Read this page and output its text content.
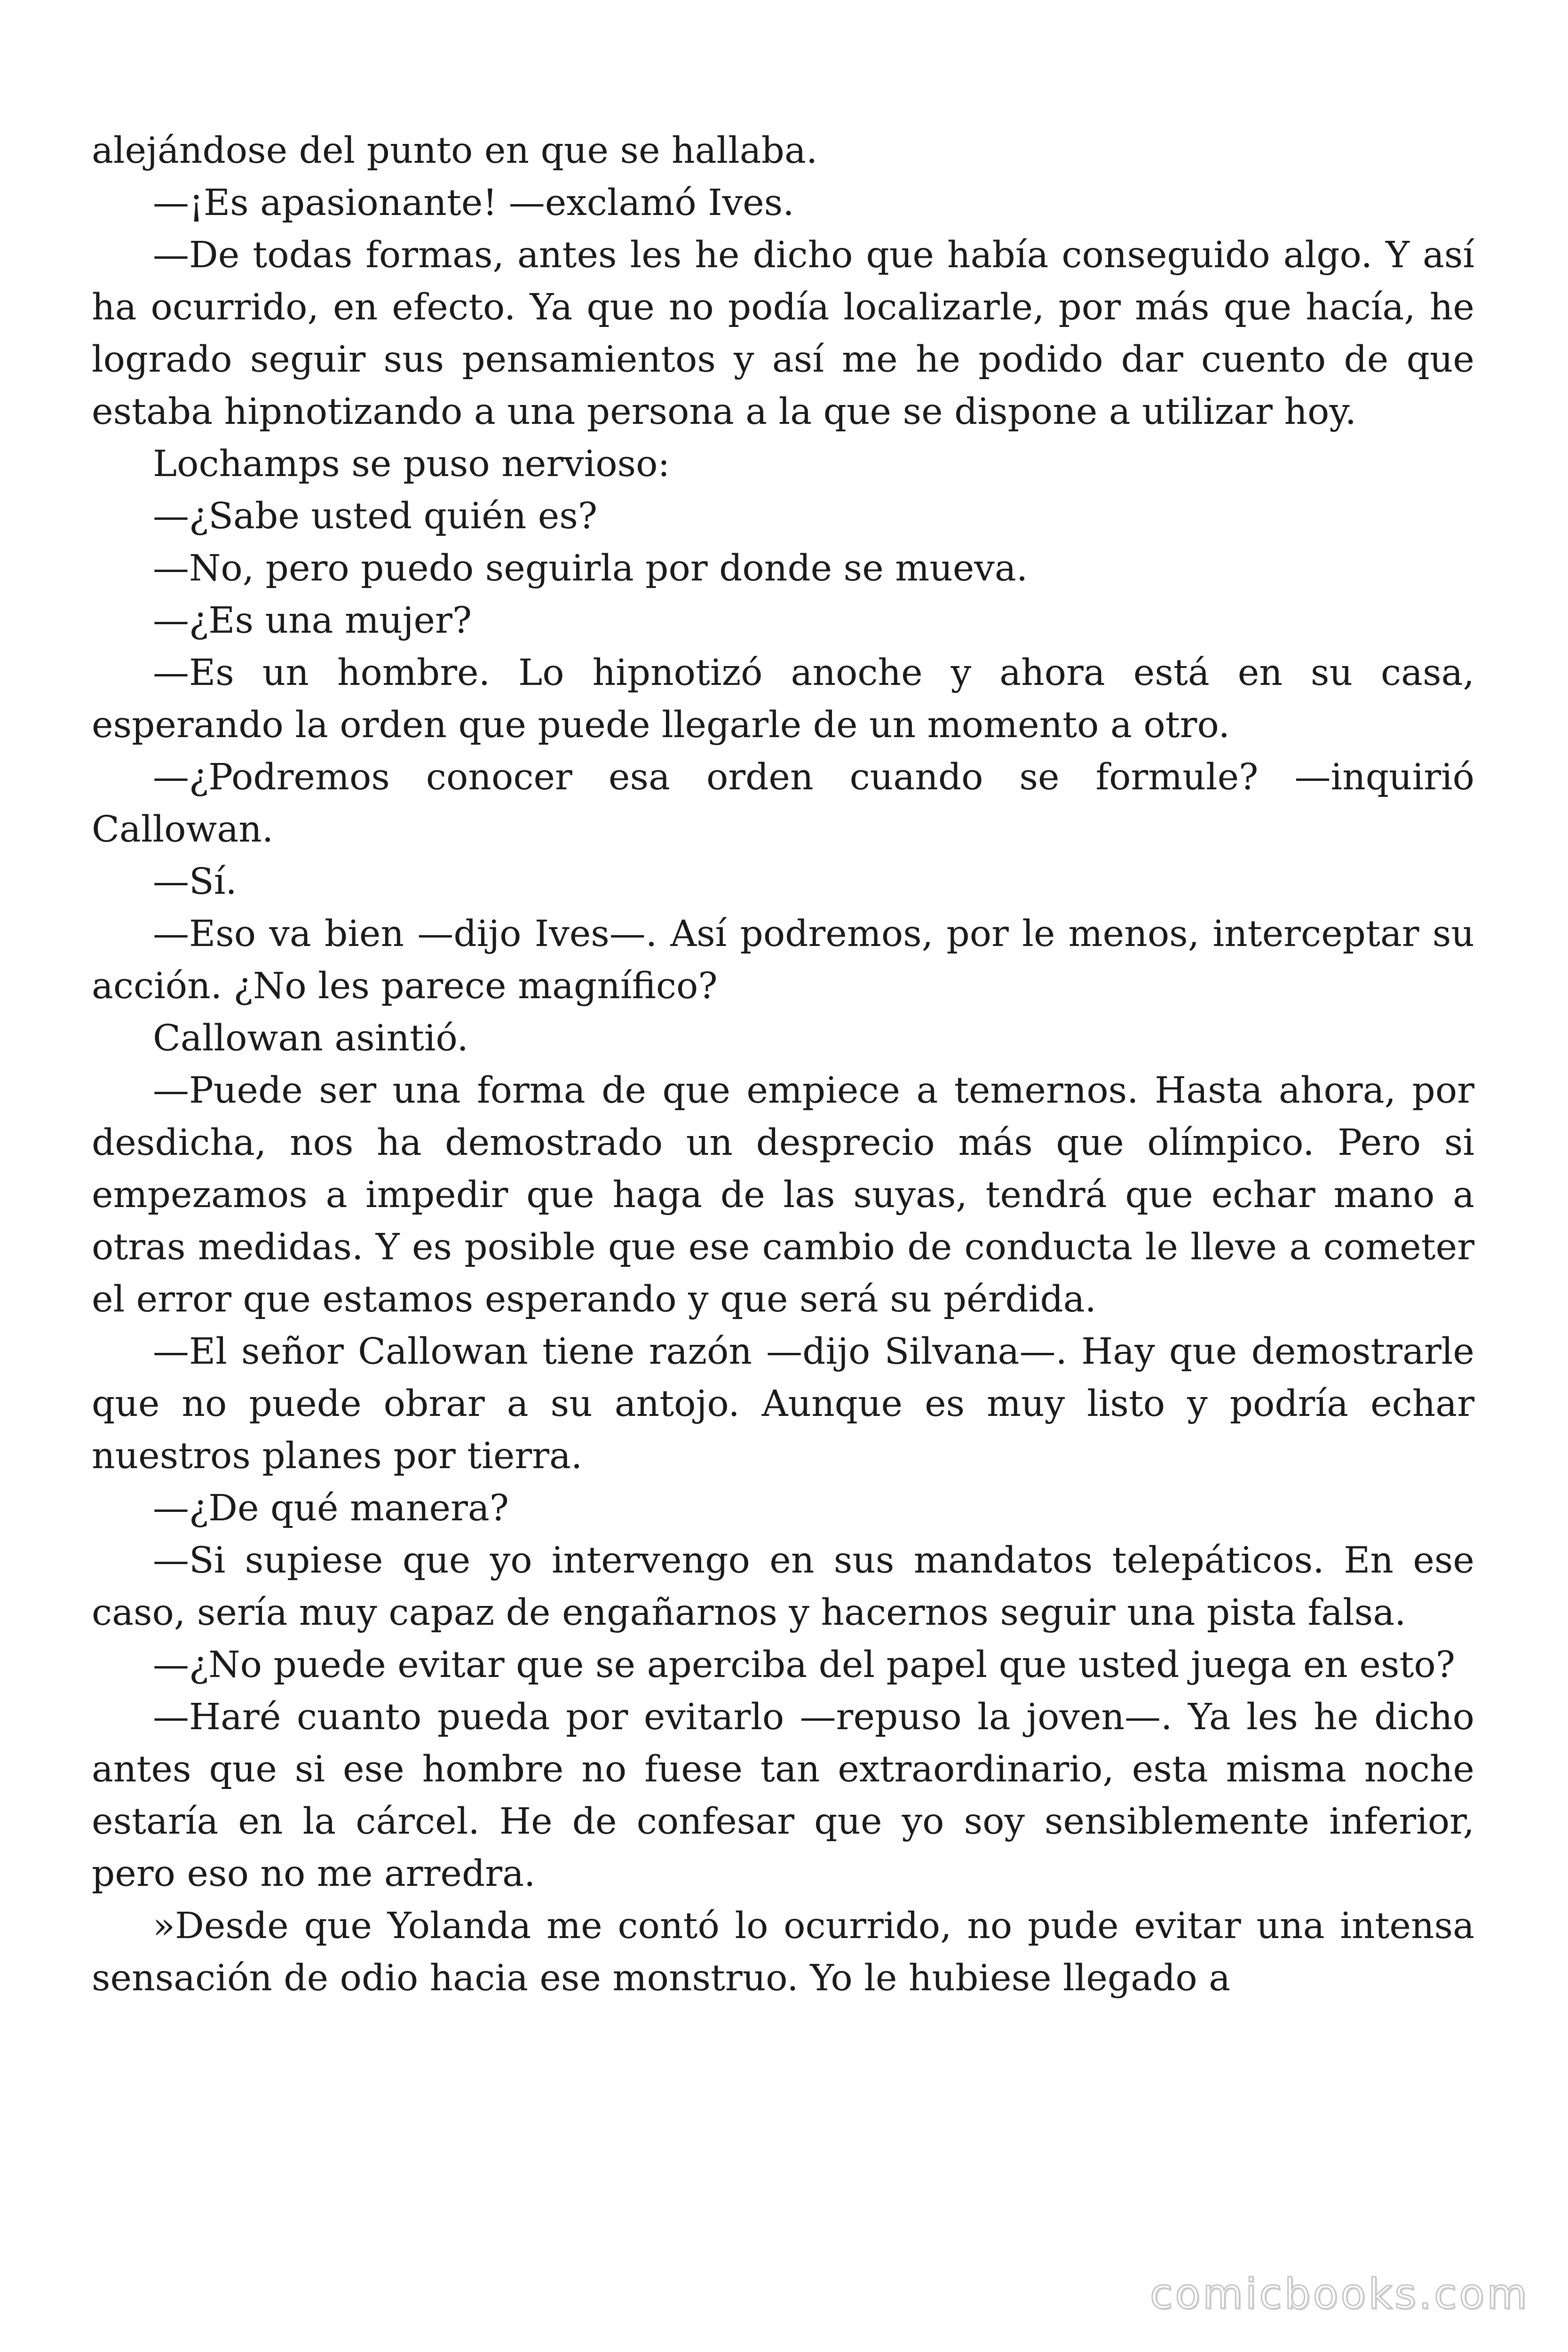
alejándose del punto en que se hallaba.

—¡Es apasionante! —exclamó Ives.

—De todas formas, antes les he dicho que había conseguido algo. Y así ha ocurrido, en efecto. Ya que no podía localizarle, por más que hacía, he logrado seguir sus pensamientos y así me he podido dar cuento de que estaba hipnotizando a una persona a la que se dispone a utilizar hoy.

Lochamps se puso nervioso:

—¿Sabe usted quién es?

—No, pero puedo seguirla por donde se mueva.

—¿Es una mujer?

—Es un hombre. Lo hipnotizó anoche y ahora está en su casa, esperando la orden que puede llegarle de un momento a otro.

—¿Podremos conocer esa orden cuando se formule? —inquirió Callowan.

—Sí.

—Eso va bien —dijo Ives—. Así podremos, por le menos, interceptar su acción. ¿No les parece magnífico?

Callowan asintió.

—Puede ser una forma de que empiece a temernos. Hasta ahora, por desdicha, nos ha demostrado un desprecio más que olímpico. Pero si empezamos a impedir que haga de las suyas, tendrá que echar mano a otras medidas. Y es posible que ese cambio de conducta le lleve a cometer el error que estamos esperando y que será su pérdida.

—El señor Callowan tiene razón —dijo Silvana—. Hay que demostrarle que no puede obrar a su antojo. Aunque es muy listo y podría echar nuestros planes por tierra.

—¿De qué manera?

—Si supiese que yo intervengo en sus mandatos telepáticos. En ese caso, sería muy capaz de engañarnos y hacernos seguir una pista falsa.

—¿No puede evitar que se aperciba del papel que usted juega en esto?

—Haré cuanto pueda por evitarlo —repuso la joven—. Ya les he dicho antes que si ese hombre no fuese tan extraordinario, esta misma noche estaría en la cárcel. He de confesar que yo soy sensiblemente inferior, pero eso no me arredra.

»Desde que Yolanda me contó lo ocurrido, no pude evitar una intensa sensación de odio hacia ese monstruo. Yo le hubiese llegado a

comicbooks.com
